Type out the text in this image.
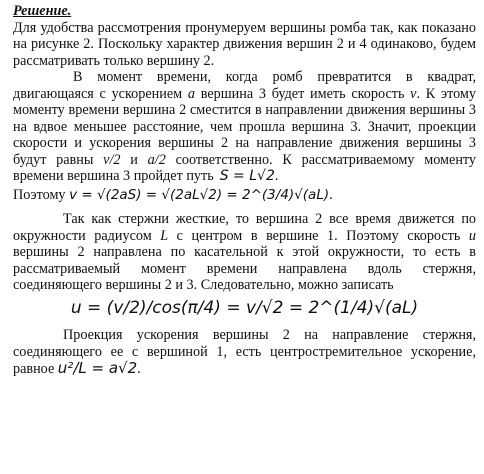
Решение.

Для удобства рассмотрения пронумеруем вершины ромба так, как показано на рисунке 2. Поскольку характер движения вершин 2 и 4 одинаково, будем рассматривать только вершину 2.

В момент времени, когда ромб превратится в квадрат, двигающаяся с ускорением a вершина 3 будет иметь скорость v. К этому моменту времени вершина 2 сместится в направлении движения вершины 3 на вдвое меньшее расстояние, чем прошла вершина 3. Значит, проекции скорости и ускорения вершины 2 на направление движения вершины 3 будут равны v/2 и a/2 соответственно. К рассматриваемому моменту времени вершина 3 пройдет путь S = L√2.

Поэтому v = √(2aS) = √(2aL√2) = 2^(3/4)√(aL).

Так как стержни жесткие, то вершина 2 все время движется по окружности радиусом L с центром в вершине 1. Поэтому скорость u вершины 2 направлена по касательной к этой окружности, то есть в рассматриваемый момент времени направлена вдоль стержня, соединяющего вершины 2 и 3. Следовательно, можно записать

u = (v/2)/cos(π/4) = v/√2 = 2^(1/4)√(aL)

Проекция ускорения вершины 2 на направление стержня, соединяющего ее с вершиной 1, есть центростремительное ускорение, равное u²/L = a√2.
